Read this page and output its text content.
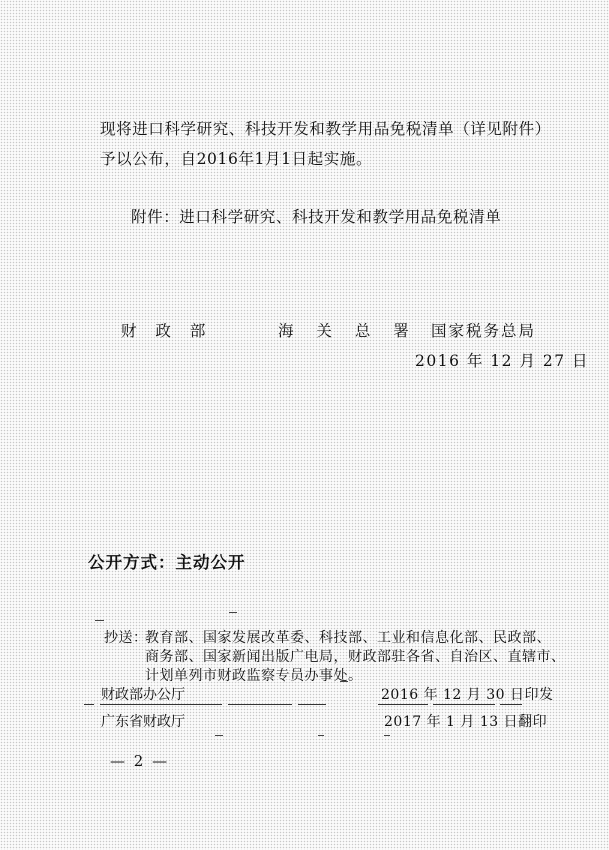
现将进口科学研究、科技开发和教学用品免税清单（详见附件）
予以公布，自2016年1月1日起实施。
附件：进口科学研究、科技开发和教学用品免税清单
财 政 部	海 关 总 署 国家税务总局
2016 年 12 月 27 日
公开方式：主动公开
抄送：
教育部、国家发展改革委、科技部、工业和信息化部、民政部、
商务部、国家新闻出版广电局，财政部驻各省、自治区、直辖市、
计划单列市财政监察专员办事处。
财政部办公厅	2016 年 12 月 30 日印发
广东省财政厅	2017 年 1 月 13 日翻印
— 2 —
